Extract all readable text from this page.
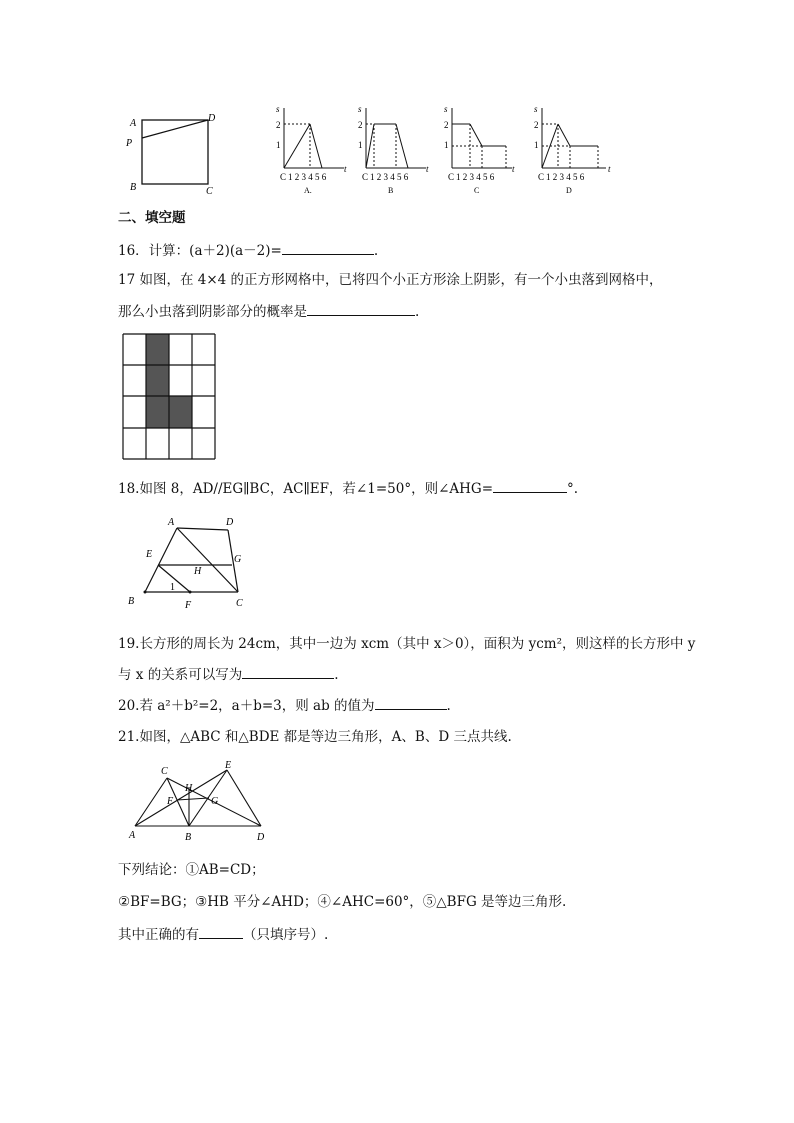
A	D
P
B	C
s
t
2
1
C 1 2 3 4 5 6
A.
s
t
2
1
C 1 2 3 4 5 6
B
s
t
2
1
C 1 2 3 4 5 6
C
s
t
2
1
C 1 2 3 4 5 6
D
二、填空题
16．计算：(a＋2)(a－2)=	.
17 如图，在 4×4 的正方形网格中，已将四个小正方形涂上阴影，有一个小虫落到网格中，
那么小虫落到阴影部分的概率是	.
18.如图 8，AD//EG∥BC，AC∥EF，若∠1=50°，则∠AHG=	°.
A	D
E	G
H
1
B	F	C
19.长方形的周长为 24cm，其中一边为 xcm（其中 x＞0），面积为 ycm²，则这样的长方形中 y
与 x 的关系可以写为	.
20.若 a²＋b²=2，a＋b=3，则 ab 的值为	.
21.如图，△ABC 和△BDE 都是等边三角形，A、B、D 三点共线.
C
E
H
F	G
A	B	D
下列结论：①AB=CD；
②BF=BG；③HB 平分∠AHD；④∠AHC=60°，⑤△BFG 是等边三角形.
其中正确的有	（只填序号）.
